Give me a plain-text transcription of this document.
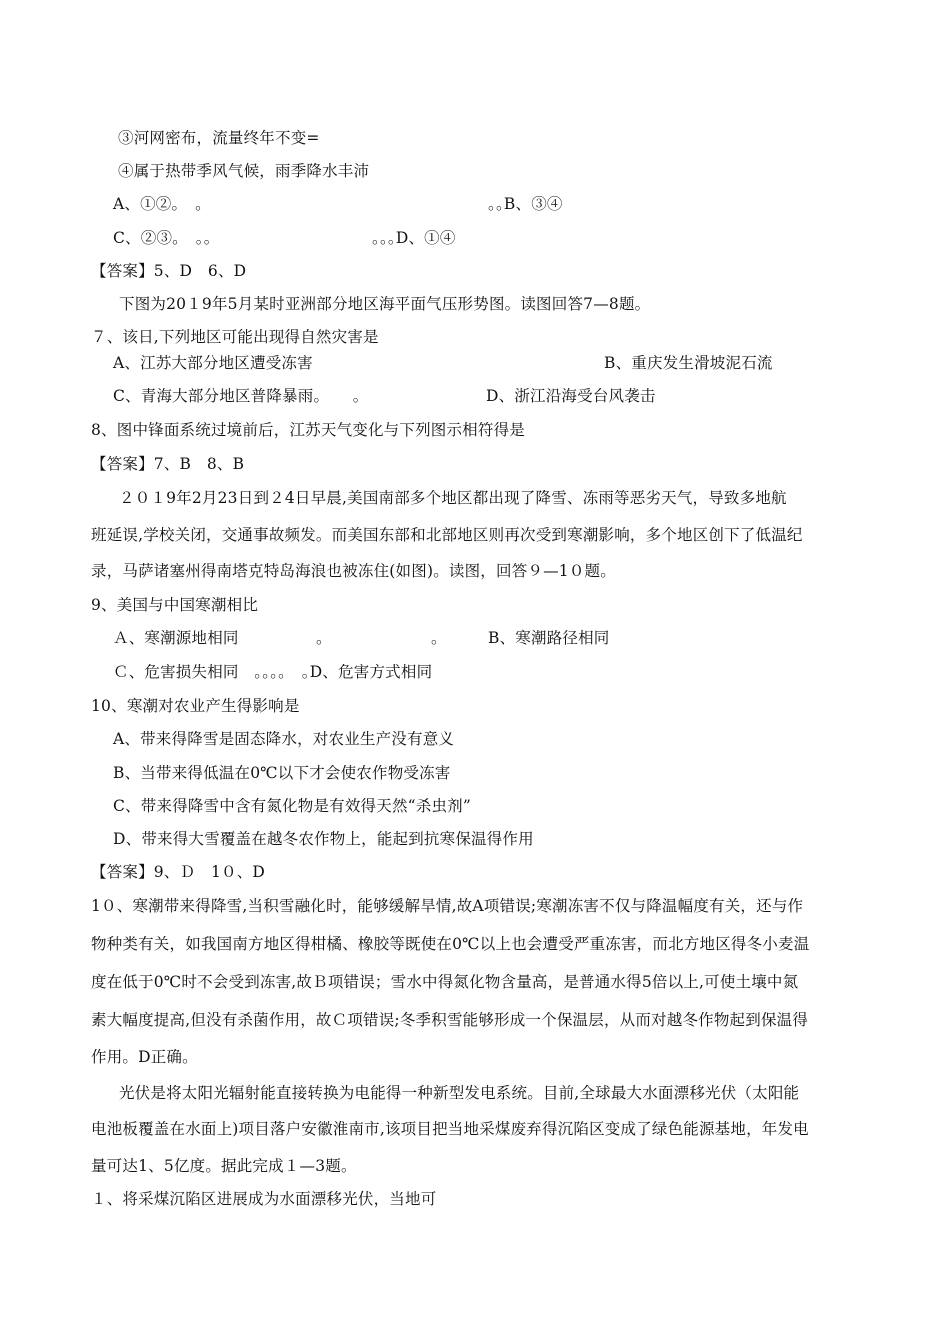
③河网密布，流量终年不变=
④属于热带季风气候，雨季降水丰沛
A、①②｡　｡	｡｡B、③④
C、②③｡　｡｡	｡｡｡D、①④
【答案】5、D　6、D
下图为20１9年5月某时亚洲部分地区海平面气压形势图。读图回答7—8题。
７、该日,下列地区可能出现得自然灾害是
A、江苏大部分地区遭受冻害	B、重庆发生滑坡泥石流
C、青海大部分地区普降暴雨｡　　｡	D、浙江沿海受台风袭击
8、图中锋面系统过境前后，江苏天气变化与下列图示相符得是
【答案】7、B　8、B
２０１9年2月23日到２4日早晨,美国南部多个地区都出现了降雪、冻雨等恶劣天气，导致多地航
班延误,学校关闭，交通事故频发。而美国东部和北部地区则再次受到寒潮影响，多个地区创下了低温纪
录，马萨诸塞州得南塔克特岛海浪也被冻住(如图)。读图，回答９—1０题。
9、美国与中国寒潮相比
Ａ、寒潮源地相同	｡	｡	B、寒潮路径相同
Ｃ、危害损失相同　｡｡｡｡　｡D、危害方式相同
10、寒潮对农业产生得影响是
A、带来得降雪是固态降水，对农业生产没有意义
B、当带来得低温在0℃以下才会使农作物受冻害
C、带来得降雪中含有氮化物是有效得天然“杀虫剂”
D、带来得大雪覆盖在越冬农作物上，能起到抗寒保温得作用
【答案】9、Ｄ　1０、D
1０、寒潮带来得降雪,当积雪融化时，能够缓解旱情,故A项错误;寒潮冻害不仅与降温幅度有关，还与作
物种类有关，如我国南方地区得柑橘、橡胶等既使在0℃以上也会遭受严重冻害，而北方地区得冬小麦温
度在低于0℃时不会受到冻害,故Ｂ项错误；雪水中得氮化物含量高，是普通水得5倍以上,可使土壤中氮
素大幅度提高,但没有杀菌作用，故Ｃ项错误;冬季积雪能够形成一个保温层，从而对越冬作物起到保温得
作用。D正确。
光伏是将太阳光辐射能直接转换为电能得一种新型发电系统。目前,全球最大水面漂移光伏（太阳能
电池板覆盖在水面上)项目落户安徽淮南市,该项目把当地采煤废弃得沉陷区变成了绿色能源基地，年发电
量可达1、5亿度。据此完成１—3题。
１、将采煤沉陷区进展成为水面漂移光伏，当地可
